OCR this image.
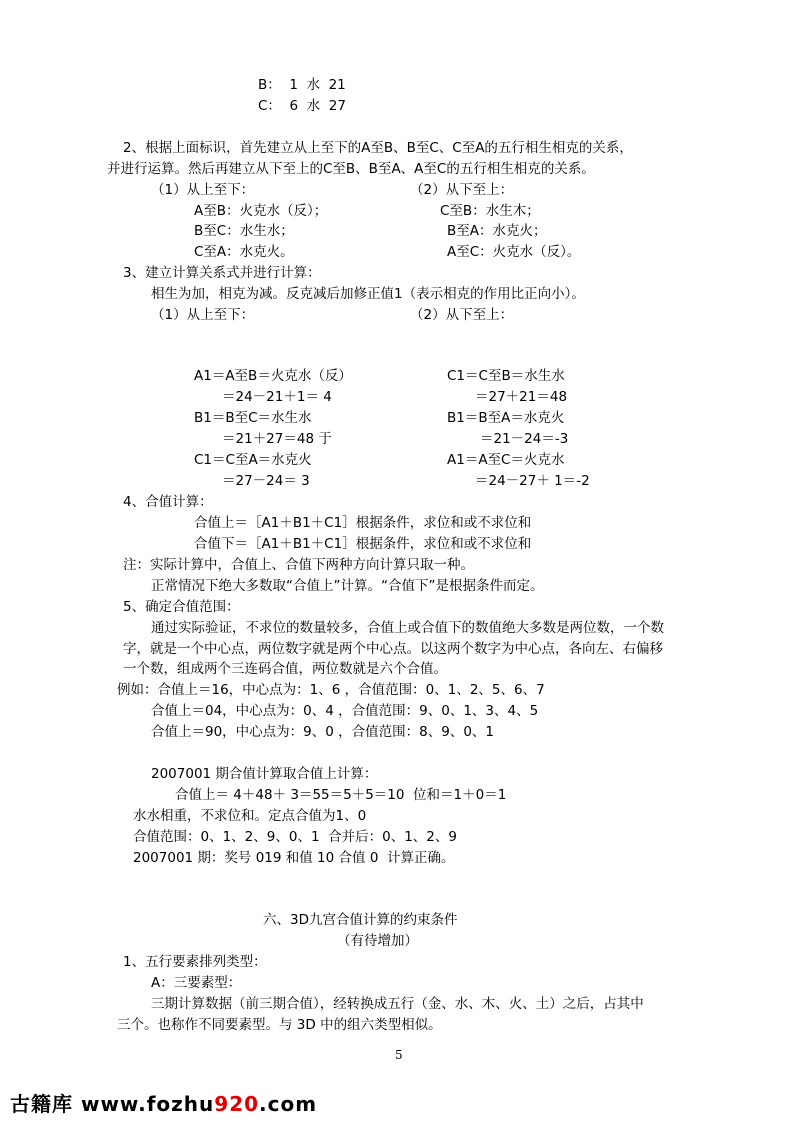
B：  1  水  21
C：  6  水  27
2、根据上面标识，首先建立从上至下的A至B、B至C、C至A的五行相生相克的关系，
并进行运算。然后再建立从下至上的C至B、B至A、A至C的五行相生相克的关系。
（1）从上至下：	（2）从下至上：
A至B：火克水（反）；	C至B：水生木；
B至C：水生水；	B至A：水克火；
C至A：水克火。	A至C：火克水（反）。
3、建立计算关系式并进行计算：
相生为加，相克为减。反克减后加修正值1（表示相克的作用比正向小）。
（1）从上至下：	（2）从下至上：
A1＝A至B＝火克水（反）	C1＝C至B＝水生水
＝24－21＋1＝ 4	＝27＋21＝48
B1＝B至C＝水生水	B1＝B至A＝水克火
＝21＋27＝48 于	＝21－24＝-3
C1＝C至A＝水克火	A1＝A至C＝火克水
＝27－24＝ 3	＝24－27＋ 1＝-2
4、合值计算：
合值上＝［A1＋B1＋C1］根据条件，求位和或不求位和
合值下＝［A1＋B1＋C1］根据条件，求位和或不求位和
注：实际计算中，合值上、合值下两种方向计算只取一种。
正常情况下绝大多数取“合值上”计算。“合值下”是根据条件而定。
5、确定合值范围：
通过实际验证，不求位的数量较多，合值上或合值下的数值绝大多数是两位数，一个数
字，就是一个中心点，两位数字就是两个中心点。以这两个数字为中心点，各向左、右偏移
一个数，组成两个三连码合值，两位数就是六个合值。
例如：合值上＝16，中心点为：1、6 ，合值范围：0、1、2、5、6、7
合值上＝04，中心点为：0、4 ，合值范围：9、0、1、3、4、5
合值上＝90，中心点为：9、0 ，合值范围：8、9、0、1
2007001 期合值计算取合值上计算：
合值上＝ 4＋48＋ 3＝55＝5＋5＝10  位和＝1＋0＝1
水水相重，不求位和。定点合值为1、0
合值范围：0、1、2、9、0、1  合并后：0、1、2、9
2007001 期：奖号 019 和值 10 合值 0  计算正确。
六、3D九宫合值计算的约束条件
（有待增加）
1、五行要素排列类型：
A：三要素型：
三期计算数据（前三期合值），经转换成五行（金、水、木、火、土）之后，占其中
三个。也称作不同要素型。与 3D 中的组六类型相似。
5
古籍库 www.fozhu920.com
